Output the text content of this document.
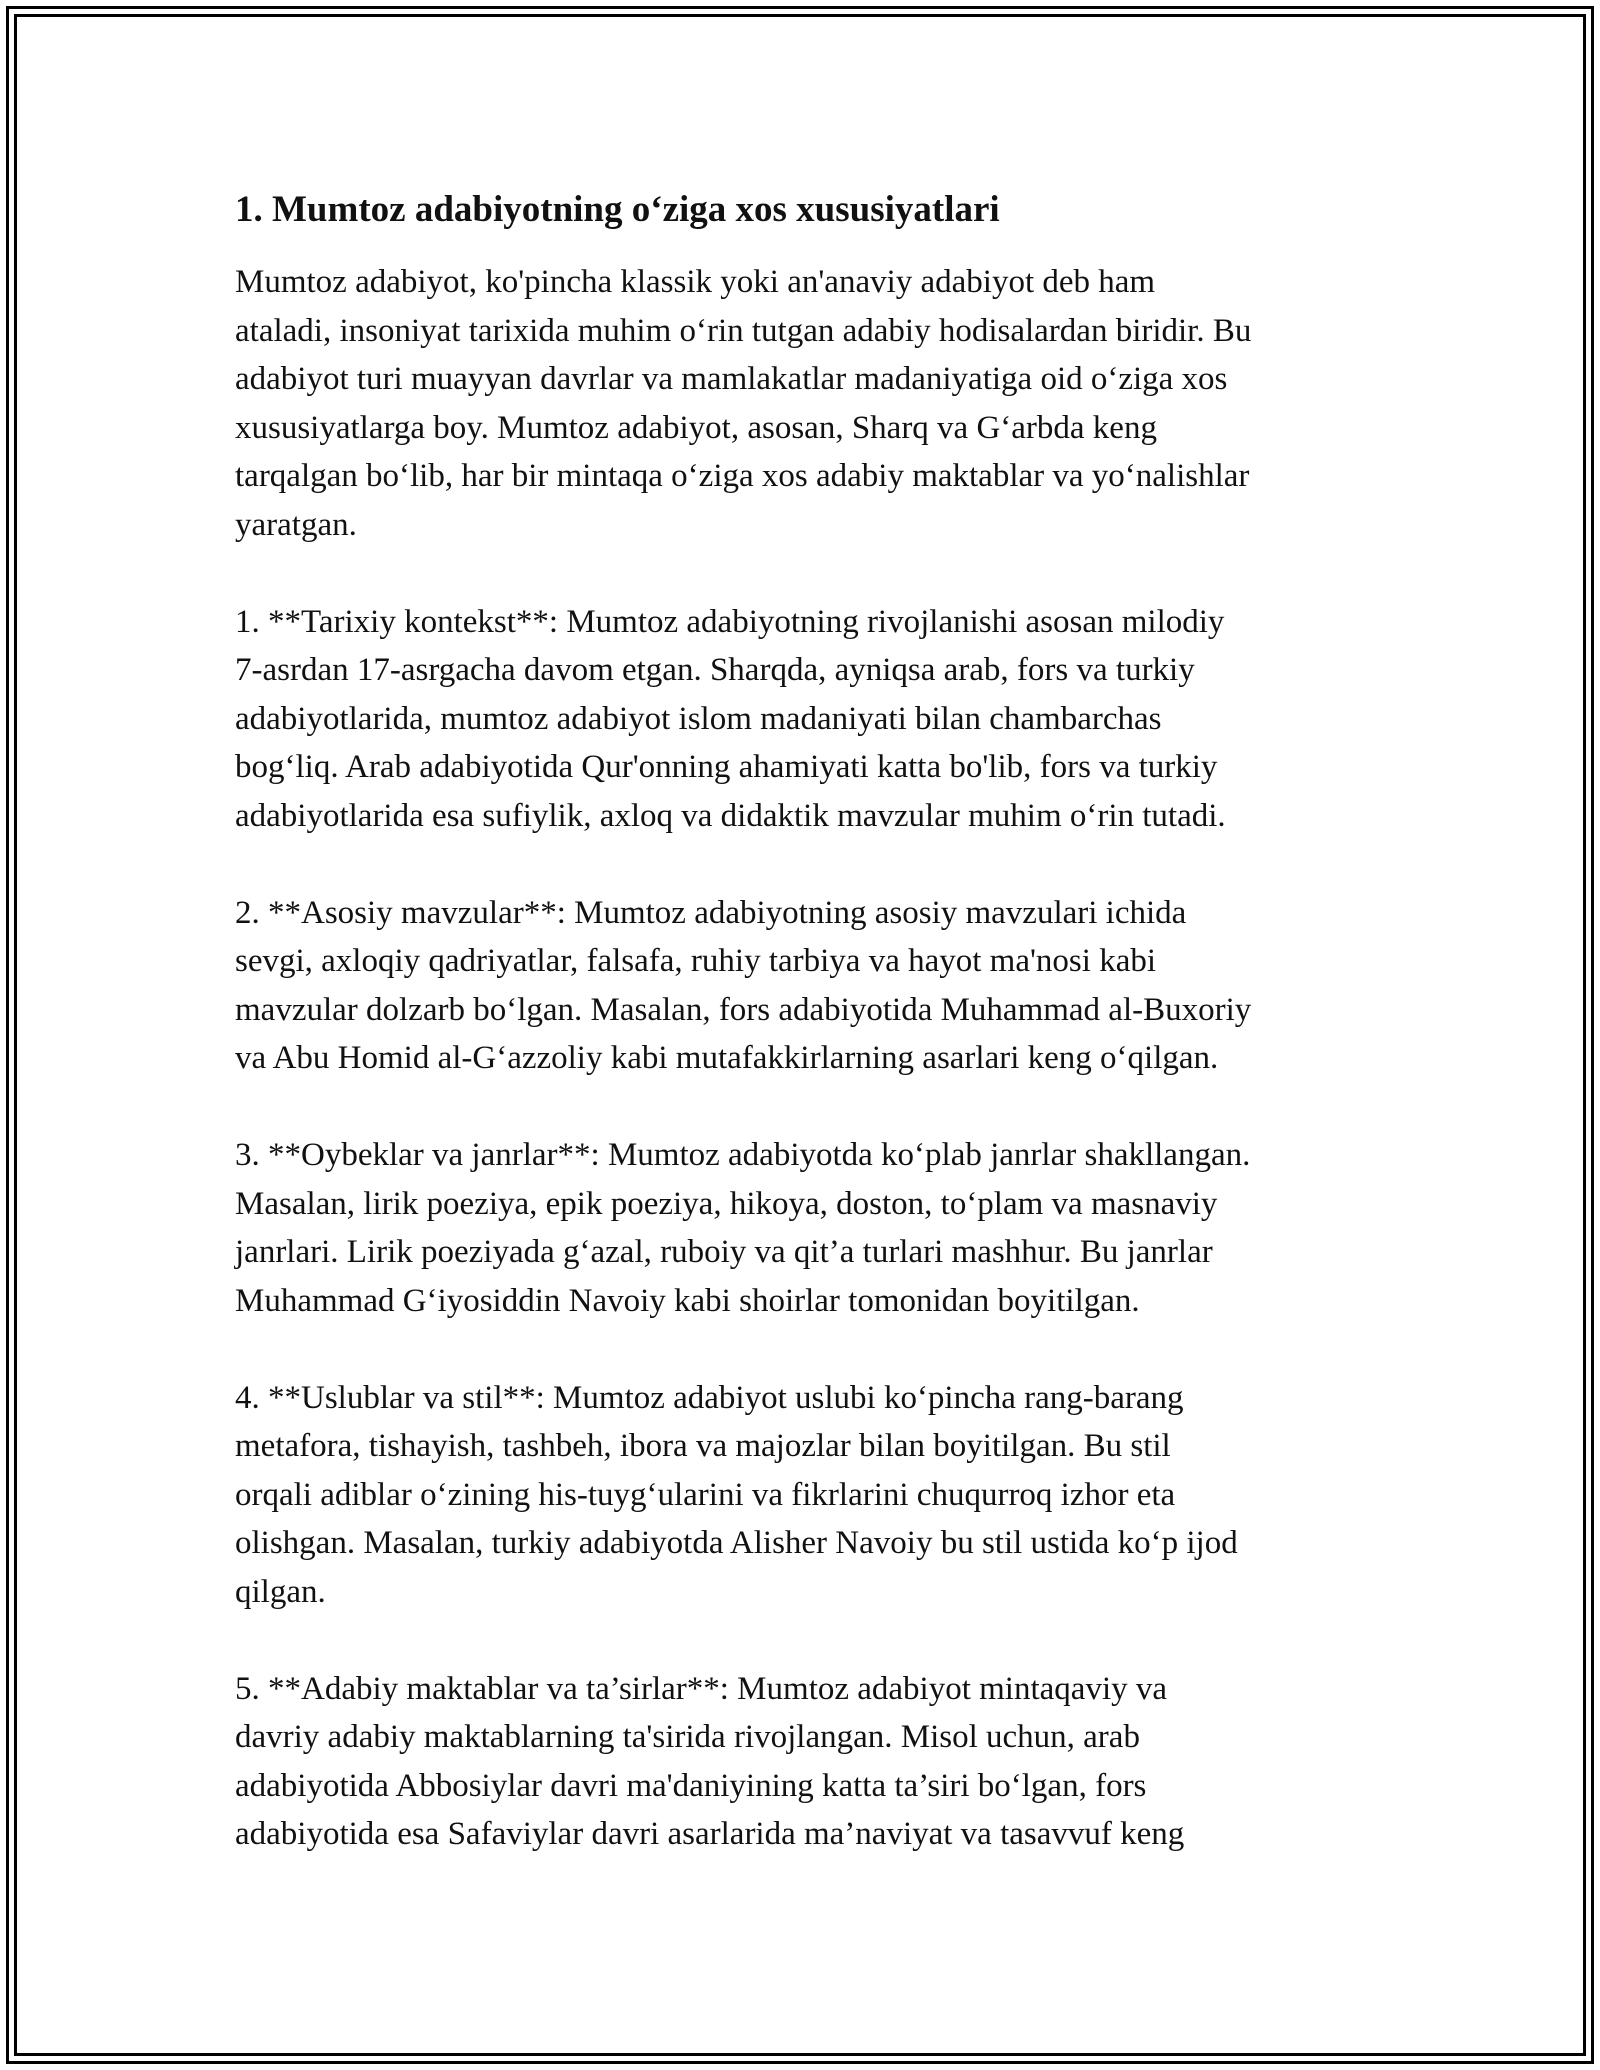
1. Mumtoz adabiyotning o‘ziga xos xususiyatlari

Mumtoz adabiyot, ko'pincha klassik yoki an'anaviy adabiyot deb ham
ataladi, insoniyat tarixida muhim o‘rin tutgan adabiy hodisalardan biridir. Bu
adabiyot turi muayyan davrlar va mamlakatlar madaniyatiga oid o‘ziga xos
xususiyatlarga boy. Mumtoz adabiyot, asosan, Sharq va G‘arbda keng
tarqalgan bo‘lib, har bir mintaqa o‘ziga xos adabiy maktablar va yo‘nalishlar
yaratgan.

1. **Tarixiy kontekst**: Mumtoz adabiyotning rivojlanishi asosan milodiy
7-asrdan 17-asrgacha davom etgan. Sharqda, ayniqsa arab, fors va turkiy
adabiyotlarida, mumtoz adabiyot islom madaniyati bilan chambarchas
bog‘liq. Arab adabiyotida Qur'onning ahamiyati katta bo'lib, fors va turkiy
adabiyotlarida esa sufiylik, axloq va didaktik mavzular muhim o‘rin tutadi.

2. **Asosiy mavzular**: Mumtoz adabiyotning asosiy mavzulari ichida
sevgi, axloqiy qadriyatlar, falsafa, ruhiy tarbiya va hayot ma'nosi kabi
mavzular dolzarb bo‘lgan. Masalan, fors adabiyotida Muhammad al-Buxoriy
va Abu Homid al-G‘azzoliy kabi mutafakkirlarning asarlari keng o‘qilgan.

3. **Oybeklar va janrlar**: Mumtoz adabiyotda ko‘plab janrlar shakllangan.
Masalan, lirik poeziya, epik poeziya, hikoya, doston, to‘plam va masnaviy
janrlari. Lirik poeziyada g‘azal, ruboiy va qit’a turlari mashhur. Bu janrlar
Muhammad G‘iyosiddin Navoiy kabi shoirlar tomonidan boyitilgan.

4. **Uslublar va stil**: Mumtoz adabiyot uslubi ko‘pincha rang-barang
metafora, tishayish, tashbeh, ibora va majozlar bilan boyitilgan. Bu stil
orqali adiblar o‘zining his-tuyg‘ularini va fikrlarini chuqurroq izhor eta
olishgan. Masalan, turkiy adabiyotda Alisher Navoiy bu stil ustida ko‘p ijod
qilgan.

5. **Adabiy maktablar va ta’sirlar**: Mumtoz adabiyot mintaqaviy va
davriy adabiy maktablarning ta'sirida rivojlangan. Misol uchun, arab
adabiyotida Abbosiylar davri ma'daniyining katta ta’siri bo‘lgan, fors
adabiyotida esa Safaviylar davri asarlarida ma’naviyat va tasavvuf keng
